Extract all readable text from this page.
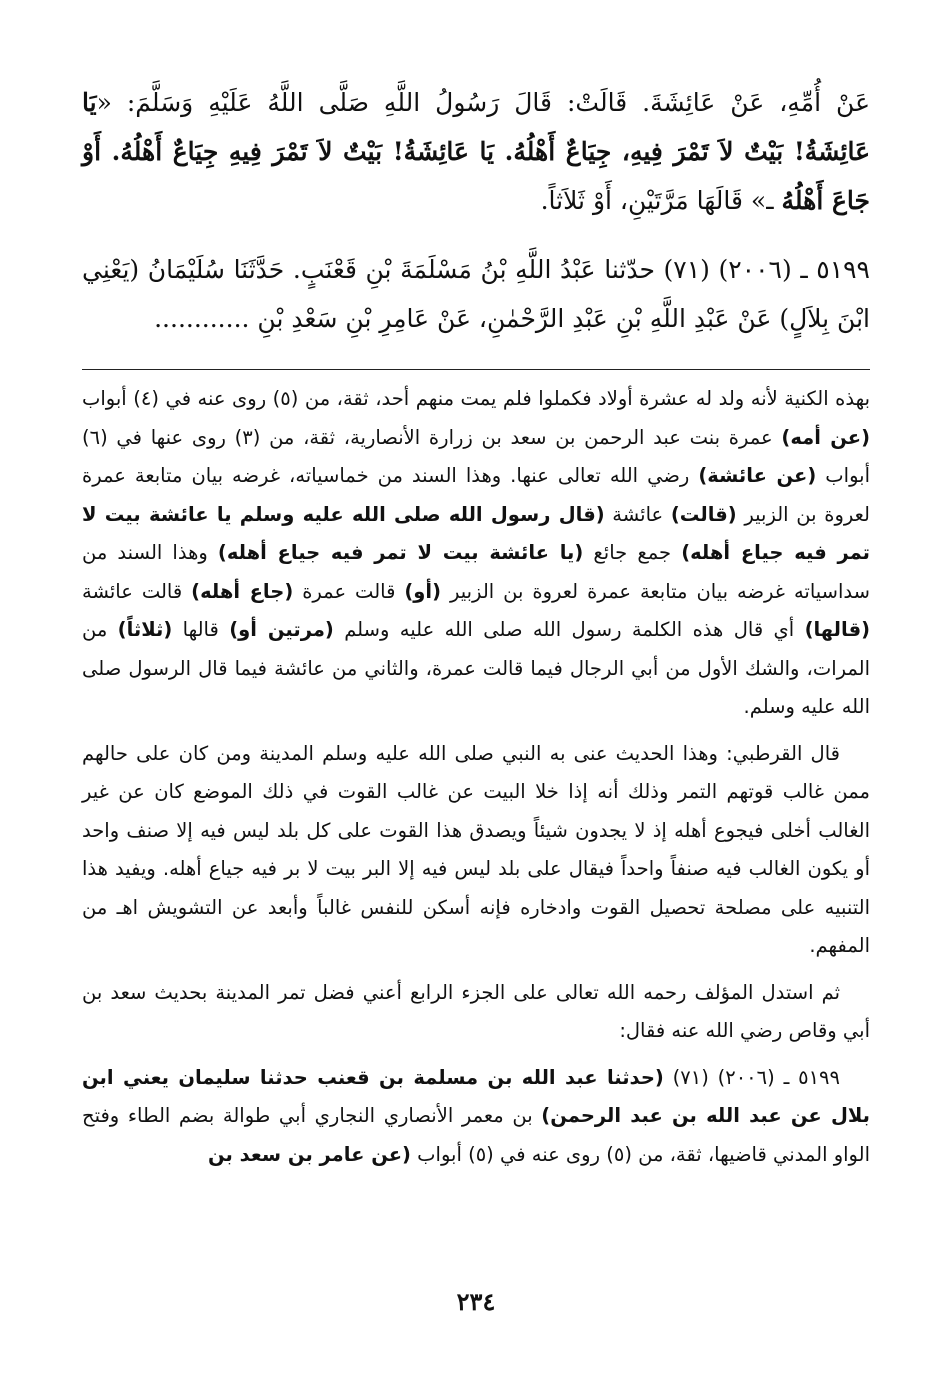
عَنْ أُمِّهِ، عَنْ عَائِشَةَ. قَالَتْ: قَالَ رَسُولُ اللَّهِ صَلَّى اللَّهُ عَلَيْهِ وَسَلَّمَ: «يَا عَائِشَةُ! بَيْتٌ لاَ تَمْرَ فِيهِ، جِيَاعٌ أَهْلُهُ. يَا عَائِشَةُ! بَيْتٌ لاَ تَمْرَ فِيهِ جِيَاعٌ أَهْلُهُ. أَوْ جَاعَ أَهْلُهُ ـ» قَالَهَا مَرَّتَيْنِ، أَوْ ثَلاَثاً.

٥١٩٩ ـ (٢٠٠٦) (٧١) حدّثنا عَبْدُ اللَّهِ بْنُ مَسْلَمَةَ بْنِ قَعْنَبٍ. حَدَّثَنَا سُلَيْمَانُ (يَعْنِي ابْنَ بِلاَلٍ) عَنْ عَبْدِ اللَّهِ بْنِ عَبْدِ الرَّحْمٰنِ، عَنْ عَامِرِ بْنِ سَعْدِ بْنِ ............

بهذه الكنية لأنه ولد له عشرة أولاد فكملوا فلم يمت منهم أحد، ثقة، من (٥) روى عنه في (٤) أبواب (عن أمه) عمرة بنت عبد الرحمن بن سعد بن زرارة الأنصارية، ثقة، من (٣) روى عنها في (٦) أبواب (عن عائشة) رضي الله تعالى عنها. وهذا السند من خماسياته، غرضه بيان متابعة عمرة لعروة بن الزبير (قالت) عائشة (قال رسول الله صلى الله عليه وسلم يا عائشة بيت لا تمر فيه جياع أهله) جمع جائع (يا عائشة بيت لا تمر فيه جياع أهله) وهذا السند من سداسياته غرضه بيان متابعة عمرة لعروة بن الزبير (أو) قالت عمرة (جاع أهله) قالت عائشة (قالها) أي قال هذه الكلمة رسول الله صلى الله عليه وسلم (مرتين أو) قالها (ثلاثاً) من المرات، والشك الأول من أبي الرجال فيما قالت عمرة، والثاني من عائشة فيما قال الرسول صلى الله عليه وسلم.

قال القرطبي: وهذا الحديث عنى به النبي صلى الله عليه وسلم المدينة ومن كان على حالهم ممن غالب قوتهم التمر وذلك أنه إذا خلا البيت عن غالب القوت في ذلك الموضع كان عن غير الغالب أخلى فيجوع أهله إذ لا يجدون شيئاً ويصدق هذا القوت على كل بلد ليس فيه إلا صنف واحد أو يكون الغالب فيه صنفاً واحداً فيقال على بلد ليس فيه إلا البر بيت لا بر فيه جياع أهله. ويفيد هذا التنبيه على مصلحة تحصيل القوت وادخاره فإنه أسكن للنفس غالباً وأبعد عن التشويش اهـ من المفهم.

ثم استدل المؤلف رحمه الله تعالى على الجزء الرابع أعني فضل تمر المدينة بحديث سعد بن أبي وقاص رضي الله عنه فقال:

٥١٩٩ ـ (٢٠٠٦) (٧١) (حدثنا عبد الله بن مسلمة بن قعنب حدثنا سليمان يعني ابن بلال عن عبد الله بن عبد الرحمن) بن معمر الأنصاري النجاري أبي طوالة بضم الطاء وفتح الواو المدني قاضيها، ثقة، من (٥) روى عنه في (٥) أبواب (عن عامر بن سعد بن

٢٣٤
